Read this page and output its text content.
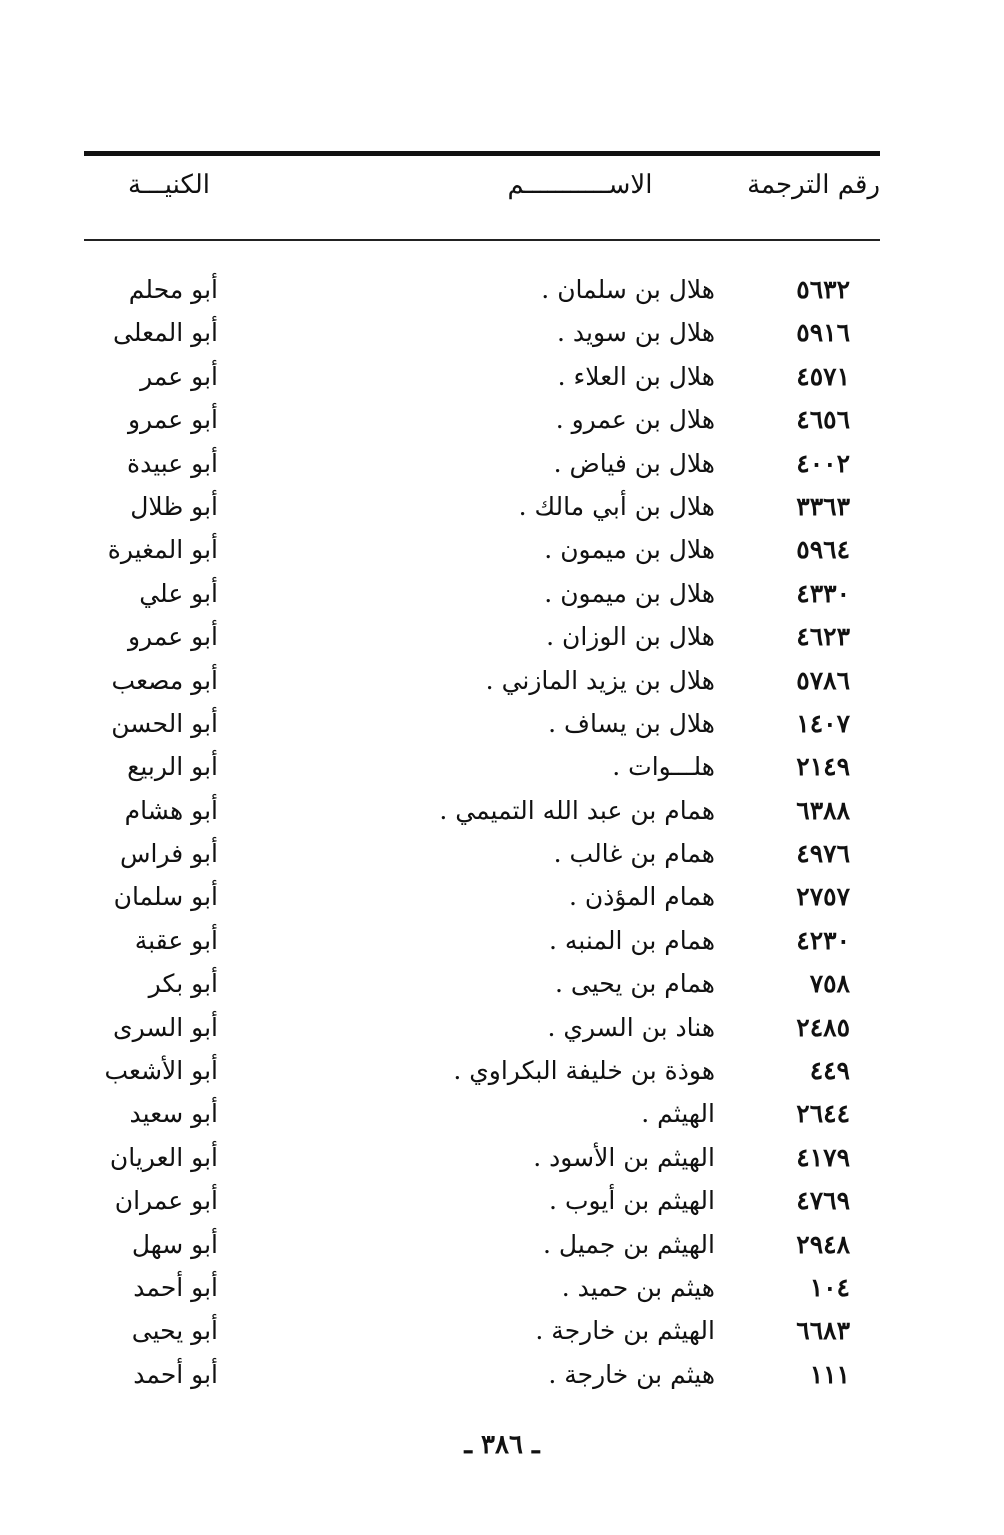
رقم الترجمة
الاســـــــــــم
الكنيـــة
٥٦٣٢
هلال بن سلمان .
أبو محلم
٥٩١٦
هلال بن سويد .
أبو المعلى
٤٥٧١
هلال بن العلاء .
أبو عمر
٤٦٥٦
هلال بن عمرو .
أبو عمرو
٤٠٠٢
هلال بن فياض .
أبو عبيدة
٣٣٦٣
هلال بن أبي مالك .
أبو ظلال
٥٩٦٤
هلال بن ميمون .
أبو المغيرة
٤٣٣٠
هلال بن ميمون .
أبو علي
٤٦٢٣
هلال بن الوزان .
أبو عمرو
٥٧٨٦
هلال بن يزيد المازني .
أبو مصعب
١٤٠٧
هلال بن يساف .
أبو الحسن
٢١٤٩
هلـــوات .
أبو الربيع
٦٣٨٨
همام بن عبد الله التميمي .
أبو هشام
٤٩٧٦
همام بن غالب .
أبو فراس
٢٧٥٧
همام المؤذن .
أبو سلمان
٤٢٣٠
همام بن المنبه .
أبو عقبة
٧٥٨
همام بن يحيى .
أبو بكر
٢٤٨٥
هناد بن السري .
أبو السرى
٤٤٩
هوذة بن خليفة البكراوي .
أبو الأشعب
٢٦٤٤
الهيثم .
أبو سعيد
٤١٧٩
الهيثم بن الأسود .
أبو العريان
٤٧٦٩
الهيثم بن أيوب .
أبو عمران
٢٩٤٨
الهيثم بن جميل .
أبو سهل
١٠٤
هيثم بن حميد .
أبو أحمد
٦٦٨٣
الهيثم بن خارجة .
أبو يحيى
١١١
هيثم بن خارجة .
أبو أحمد
ـ ٣٨٦ ـ
